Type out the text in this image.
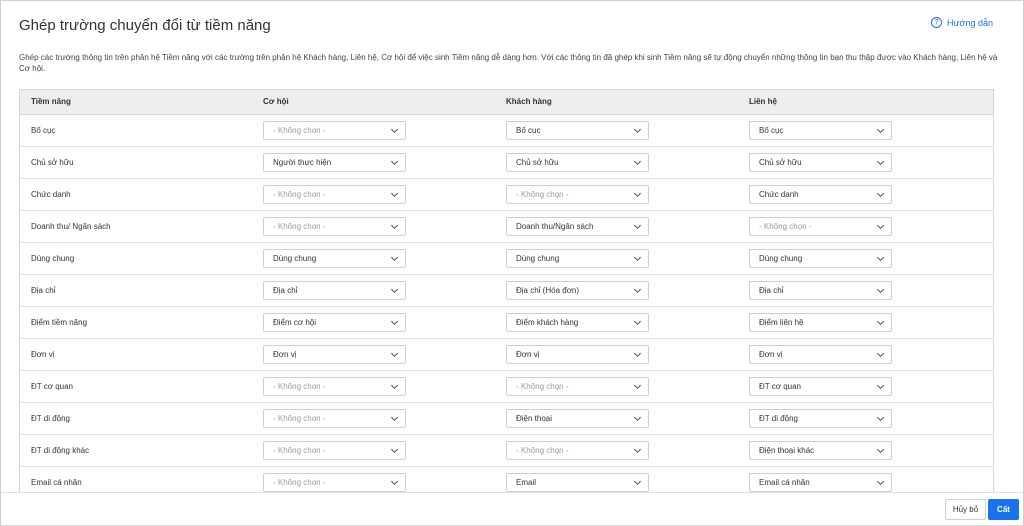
Ghép trường chuyển đổi từ tiềm năng	? Hướng dẫn
Ghép các trường thông tin trên phân hệ Tiềm năng với các trường trên phân hệ Khách hàng, Liên hệ, Cơ hội để việc sinh Tiềm năng dễ dàng hơn. Với các thông tin đã ghép khi sinh Tiềm năng sẽ tự động chuyển những thông tin bạn thu thập được vào Khách hàng, Liên hệ và Cơ hội.
Tiềm năng	Cơ hội	Khách hàng	Liên hệ
Bố cục	- Không chọn -	Bố cục	Bố cục
Chủ sở hữu	Người thực hiện	Chủ sở hữu	Chủ sở hữu
Chức danh	- Không chọn -	- Không chọn -	Chức danh
Doanh thu/ Ngân sách	- Không chọn -	Doanh thu/Ngân sách	- Không chọn -
Dùng chung	Dùng chung	Dùng chung	Dùng chung
Địa chỉ	Địa chỉ	Địa chỉ (Hóa đơn)	Địa chỉ
Điểm tiềm năng	Điểm cơ hội	Điểm khách hàng	Điểm liên hệ
Đơn vị	Đơn vị	Đơn vị	Đơn vị
ĐT cơ quan	- Không chọn -	- Không chọn -	ĐT cơ quan
ĐT di động	- Không chọn -	Điện thoại	ĐT di động
ĐT di động khác	- Không chọn -	- Không chọn -	Điện thoại khác
Email cá nhân	- Không chọn -	Email	Email cá nhân
Hủy bỏ	Cất
